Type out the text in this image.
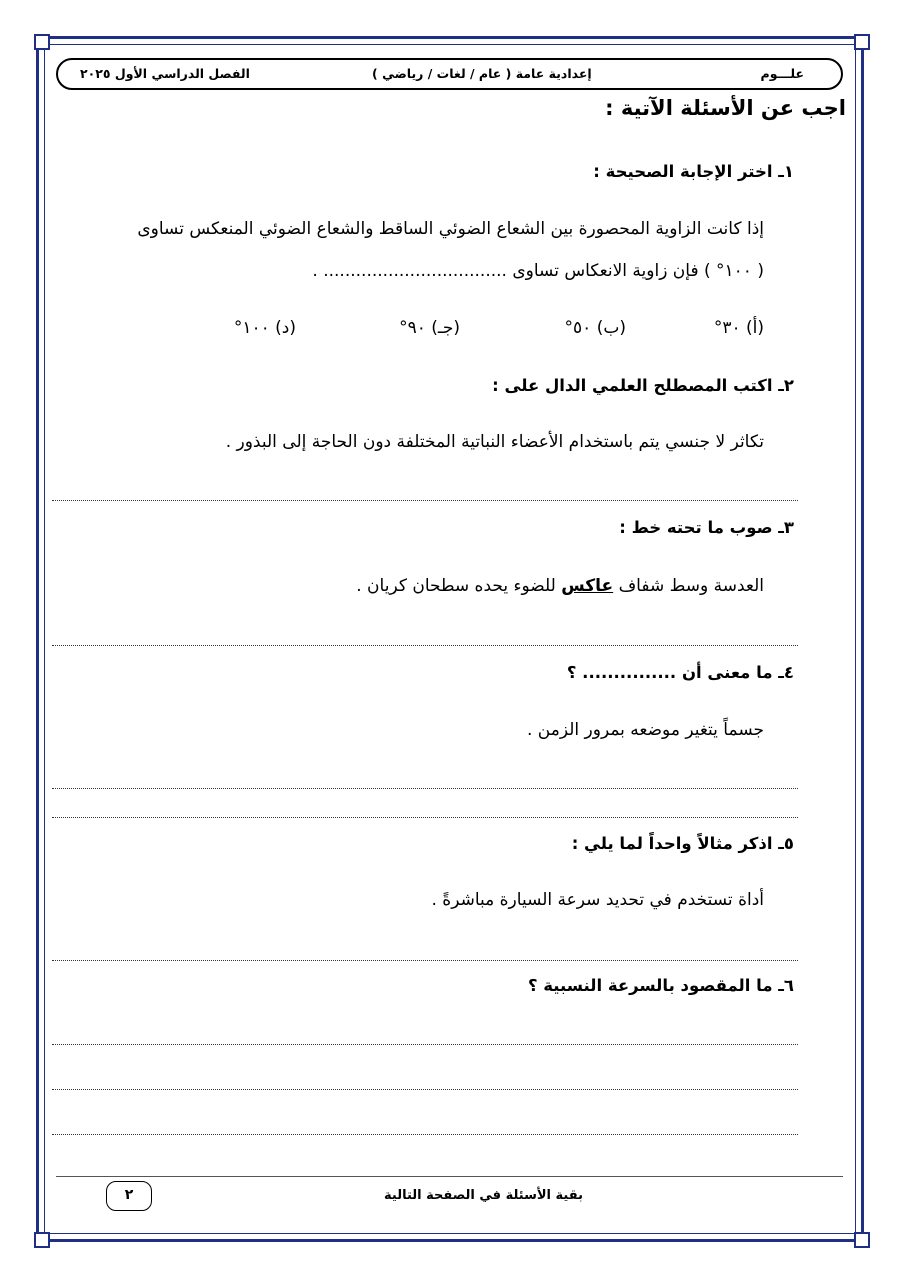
علـــوم
إعدادية عامة ( عام / لغات / رياضي )
الفصل الدراسي الأول ٢٠٢٥
اجب عن الأسئلة الآتية :
١ـ اختر الإجابة الصحيحة :
إذا كانت الزاوية المحصورة بين الشعاع الضوئي الساقط والشعاع الضوئي المنعكس تساوى
( ١٠٠° ) فإن زاوية الانعكاس تساوى .................................. .
(أ) ٣٠°
(ب) ٥٠°
(جـ) ٩٠°
(د) ١٠٠°
٢ـ اكتب المصطلح العلمي الدال على :
تكاثر لا جنسي يتم باستخدام الأعضاء النباتية المختلفة دون الحاجة إلى البذور .
٣ـ صوب ما تحته خط :
العدسة وسط شفاف عاكس للضوء يحده سطحان كريان .
٤ـ ما معنى أن ............... ؟
جسماً يتغير موضعه بمرور الزمن .
٥ـ اذكر مثالاً واحداً لما يلي :
أداة تستخدم في تحديد سرعة السيارة مباشرةً .
٦ـ ما المقصود بالسرعة النسبية ؟
٢	بقية الأسئلة في الصفحة التالية
